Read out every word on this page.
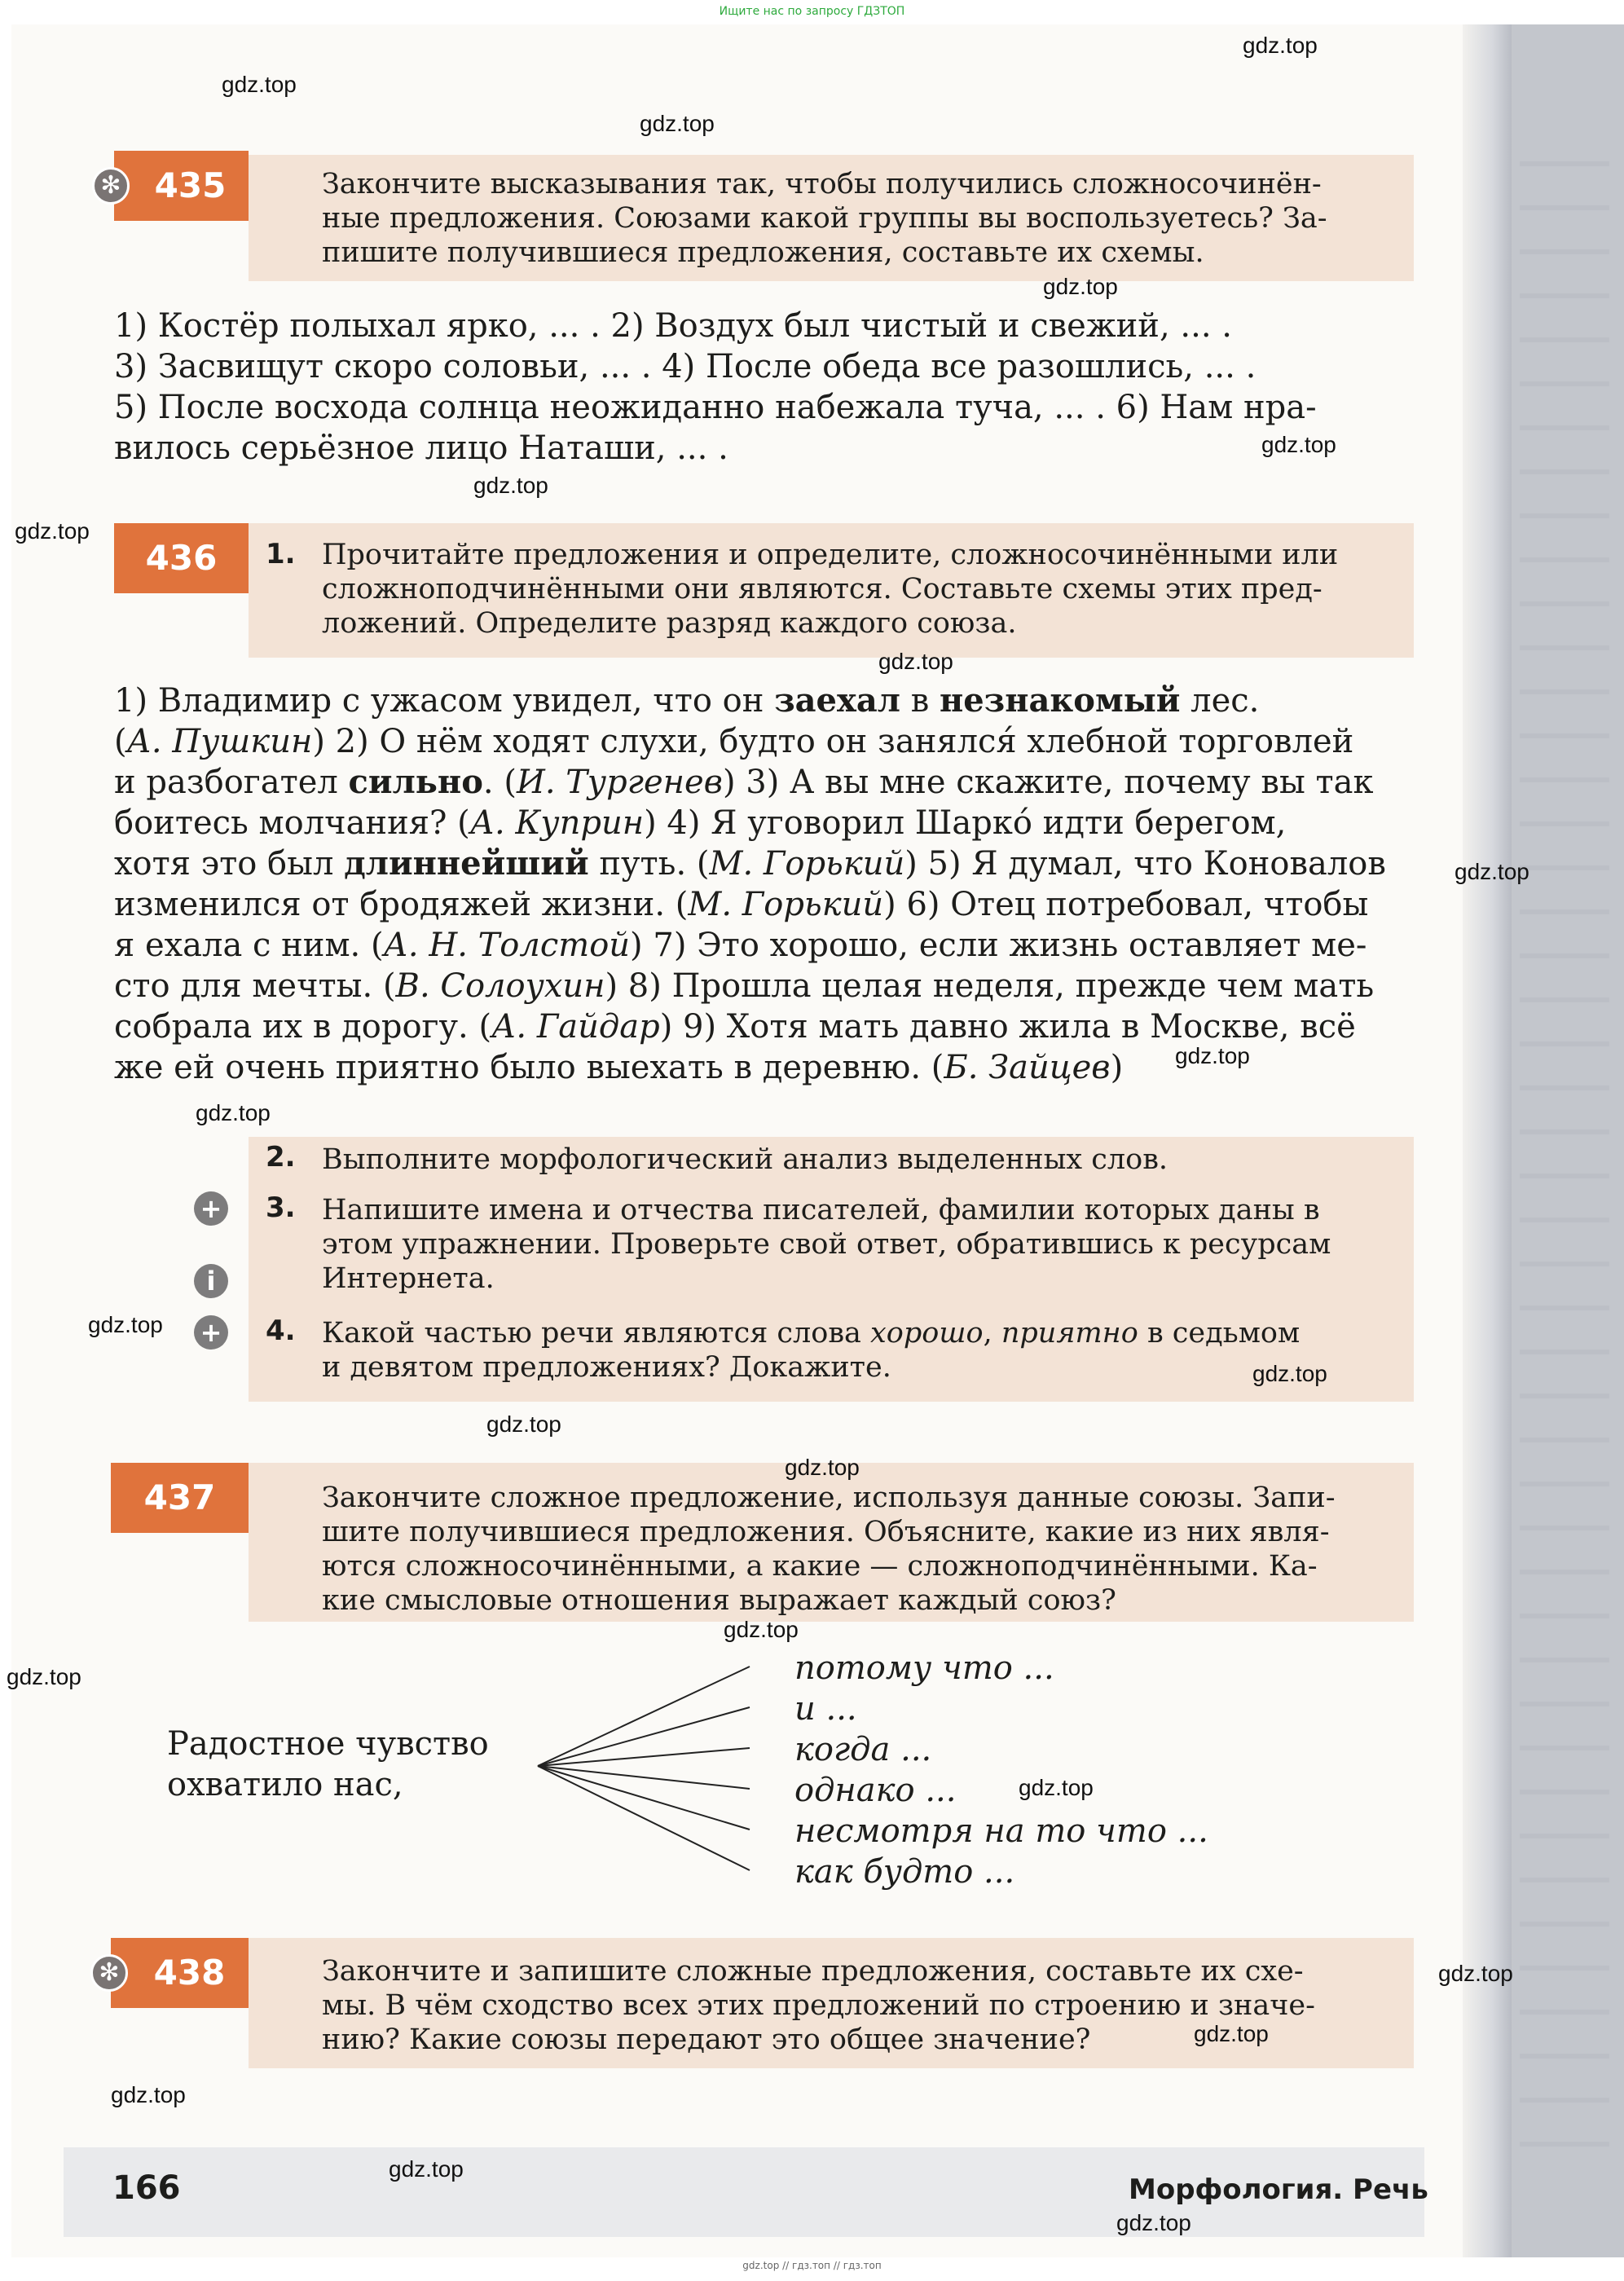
Ищите нас по запросу ГДЗТОП
435
✻	Закончите высказывания так, чтобы получились сложносочинён-
ные предложения. Союзами какой группы вы воспользуетесь? За-
пишите получившиеся предложения, составьте их схемы.
1) Костёр полыхал ярко, ... . 2) Воздух был чистый и свежий, ... .
3) Засвищут скоро соловьи, ... . 4) После обеда все разошлись, ... .
5) После восхода солнца неожиданно набежала туча, ... . 6) Нам нра-
вилось серьёзное лицо Наташи, ... .
436	1. Прочитайте предложения и определите, сложносочинёнными или
сложноподчинёнными они являются. Составьте схемы этих пред-
ложений. Определите разряд каждого союза.
1) Владимир с ужасом увидел, что он заехал в незнакомый лес.
(А. Пушкин) 2) О нём ходят слухи, будто он занялся́ хлебной торговлей
и разбогател сильно. (И. Тургенев) 3) А вы мне скажите, почему вы так
боитесь молчания? (А. Куприн) 4) Я уговорил Шарко́ идти берегом,
хотя это был длиннейший путь. (М. Горький) 5) Я думал, что Коновалов
изменился от бродяжей жизни. (М. Горький) 6) Отец потребовал, чтобы
я ехала с ним. (А. Н. Толстой) 7) Это хорошо, если жизнь оставляет ме-
сто для мечты. (В. Солоухин) 8) Прошла целая неделя, прежде чем мать
собрала их в дорогу. (А. Гайдар) 9) Хотя мать давно жила в Москве, всё
же ей очень приятно было выехать в деревню. (Б. Зайцев)
2. Выполните морфологический анализ выделенных слов.
+ 3. Напишите имена и отчества писателей, фамилии которых даны в
этом упражнении. Проверьте свой ответ, обратившись к ресурсам
Интернета.
i
+ 4. Какой частью речи являются слова хорошо, приятно в седьмом
и девятом предложениях? Докажите.
437	Закончите сложное предложение, используя данные союзы. Запи-
шите получившиеся предложения. Объясните, какие из них явля-
ются сложносочинёнными, а какие — сложноподчинёнными. Ка-
кие смысловые отношения выражает каждый союз?
Радостное чувство
охватило нас,
потому что ...
и ...
когда ...
однако ...
несмотря на то что ...
как будто ...
438
✻	Закончите и запишите сложные предложения, составьте их схе-
мы. В чём сходство всех этих предложений по строению и значе-
нию? Какие союзы передают это общее значение?
166	Морфология. Речь
gdz.top
gdz.top
gdz.top
gdz.top
gdz.top
gdz.top
gdz.top
gdz.top
gdz.top
gdz.top
gdz.top
gdz.top
gdz.top
gdz.top
gdz.top
gdz.top
gdz.top
gdz.top
gdz.top
gdz.top
gdz.top
gdz.top
gdz.top
gdz.top // гдз.топ // гдз.топ
